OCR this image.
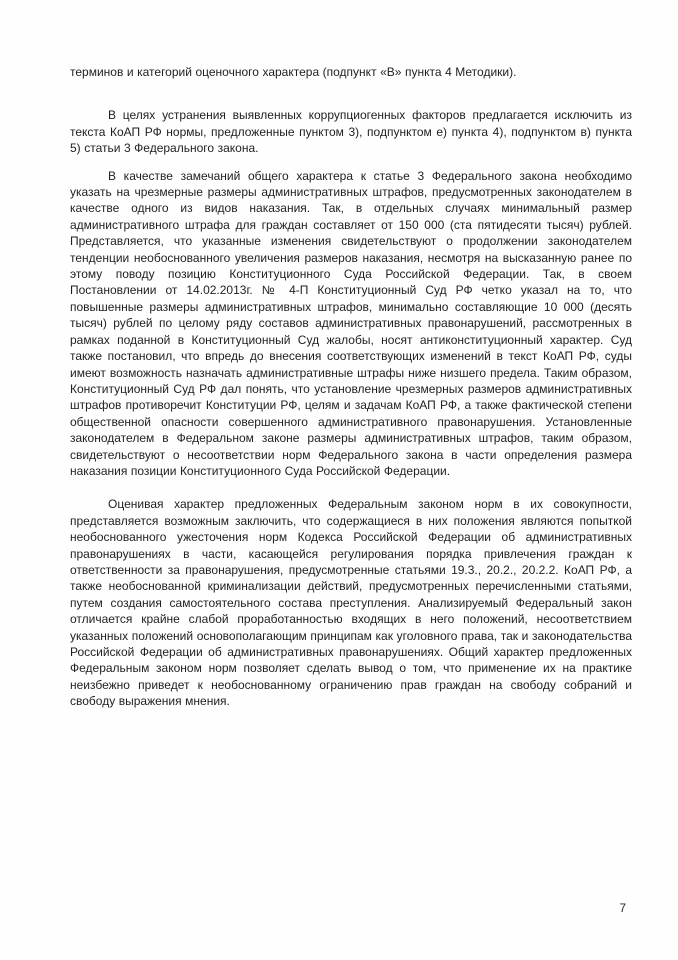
терминов и категорий оценочного характера (подпункт «В» пункта 4 Методики).

В целях устранения выявленных коррупциогенных факторов предлагается исключить из текста КоАП РФ нормы, предложенные пунктом 3), подпунктом е) пункта 4), подпунктом в) пункта 5) статьи 3 Федерального закона.

В качестве замечаний общего характера к статье 3 Федерального закона необходимо указать на чрезмерные размеры административных штрафов, предусмотренных законодателем в качестве одного из видов наказания. Так, в отдельных случаях минимальный размер административного штрафа для граждан составляет от 150 000 (ста пятидесяти тысяч) рублей. Представляется, что указанные изменения свидетельствуют о продолжении законодателем тенденции необоснованного увеличения размеров наказания, несмотря на высказанную ранее по этому поводу позицию Конституционного Суда Российской Федерации. Так, в своем Постановлении от 14.02.2013г. № 4-П Конституционный Суд РФ четко указал на то, что повышенные размеры административных штрафов, минимально составляющие 10 000 (десять тысяч) рублей по целому ряду составов административных правонарушений, рассмотренных в рамках поданной в Конституционный Суд жалобы, носят антиконституционный характер. Суд также постановил, что впредь до внесения соответствующих изменений в текст КоАП РФ, суды имеют возможность назначать административные штрафы ниже низшего предела. Таким образом, Конституционный Суд РФ дал понять, что установление чрезмерных размеров административных штрафов противоречит Конституции РФ, целям и задачам КоАП РФ, а также фактической степени общественной опасности совершенного административного правонарушения. Установленные законодателем в Федеральном законе размеры административных штрафов, таким образом, свидетельствуют о несоответствии норм Федерального закона в части определения размера наказания позиции Конституционного Суда Российской Федерации.

Оценивая характер предложенных Федеральным законом норм в их совокупности, представляется возможным заключить, что содержащиеся в них положения являются попыткой необоснованного ужесточения норм Кодекса Российской Федерации об административных правонарушениях в части, касающейся регулирования порядка привлечения граждан к ответственности за правонарушения, предусмотренные статьями 19.3., 20.2., 20.2.2. КоАП РФ, а также необоснованной криминализации действий, предусмотренных перечисленными статьями, путем создания самостоятельного состава преступления. Анализируемый Федеральный закон отличается крайне слабой проработанностью входящих в него положений, несоответствием указанных положений основополагающим принципам как уголовного права, так и законодательства Российской Федерации об административных правонарушениях. Общий характер предложенных Федеральным законом норм позволяет сделать вывод о том, что применение их на практике неизбежно приведет к необоснованному ограничению прав граждан на свободу собраний и свободу выражения мнения.

7
